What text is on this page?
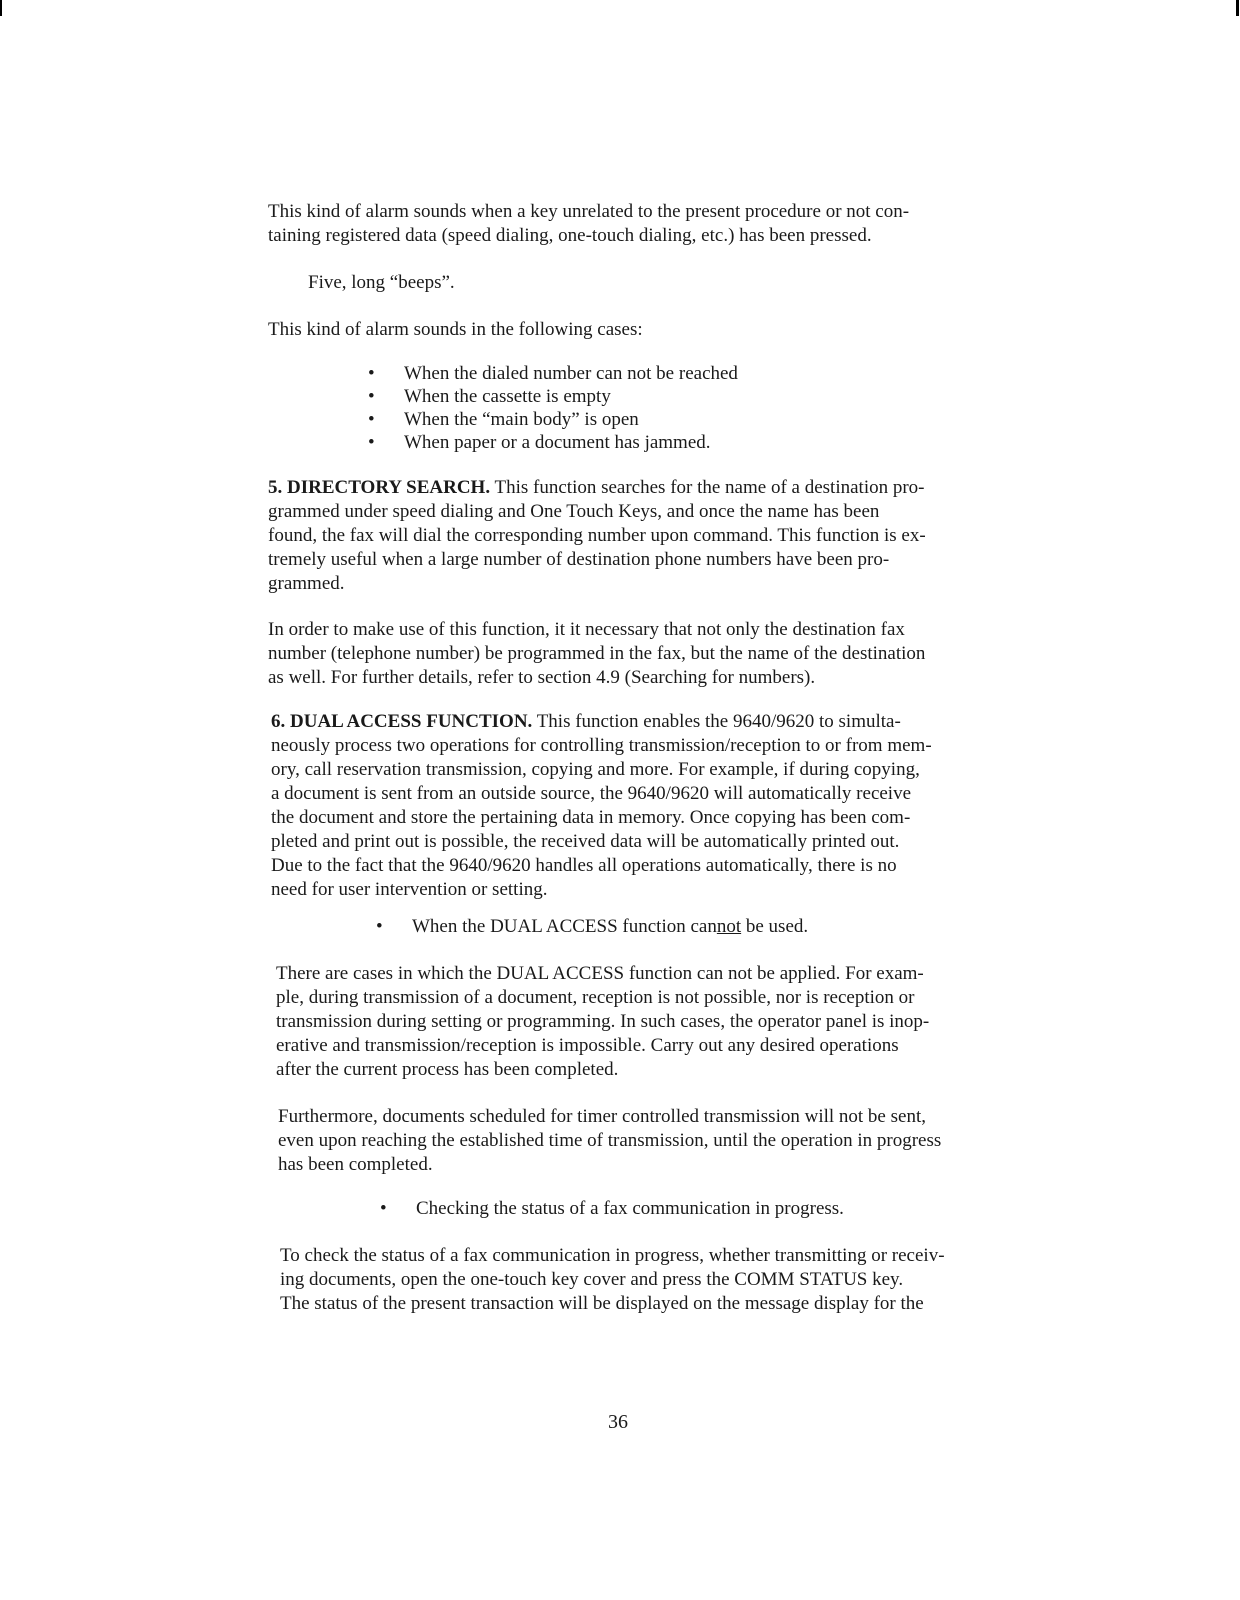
This kind of alarm sounds when a key unrelated to the present procedure or not con-
taining registered data (speed dialing, one-touch dialing, etc.) has been pressed.
Five, long “beeps”.
This kind of alarm sounds in the following cases:
• When the dialed number can not be reached
• When the cassette is empty
• When the “main body” is open
• When paper or a document has jammed.
5. DIRECTORY SEARCH. This function searches for the name of a destination pro-
grammed under speed dialing and One Touch Keys, and once the name has been
found, the fax will dial the corresponding number upon command. This function is ex-
tremely useful when a large number of destination phone numbers have been pro-
grammed.
In order to make use of this function, it it necessary that not only the destination fax
number (telephone number) be programmed in the fax, but the name of the destination
as well. For further details, refer to section 4.9 (Searching for numbers).
6. DUAL ACCESS FUNCTION. This function enables the 9640/9620 to simulta-
neously process two operations for controlling transmission/reception to or from mem-
ory, call reservation transmission, copying and more. For example, if during copying,
a document is sent from an outside source, the 9640/9620 will automatically receive
the document and store the pertaining data in memory. Once copying has been com-
pleted and print out is possible, the received data will be automatically printed out.
Due to the fact that the 9640/9620 handles all operations automatically, there is no
need for user intervention or setting.
• When the DUAL ACCESS function cannot be used.
There are cases in which the DUAL ACCESS function can not be applied. For exam-
ple, during transmission of a document, reception is not possible, nor is reception or
transmission during setting or programming. In such cases, the operator panel is inop-
erative and transmission/reception is impossible. Carry out any desired operations
after the current process has been completed.
Furthermore, documents scheduled for timer controlled transmission will not be sent,
even upon reaching the established time of transmission, until the operation in progress
has been completed.
• Checking the status of a fax communication in progress.
To check the status of a fax communication in progress, whether transmitting or receiv-
ing documents, open the one-touch key cover and press the COMM STATUS key.
The status of the present transaction will be displayed on the message display for the
36
